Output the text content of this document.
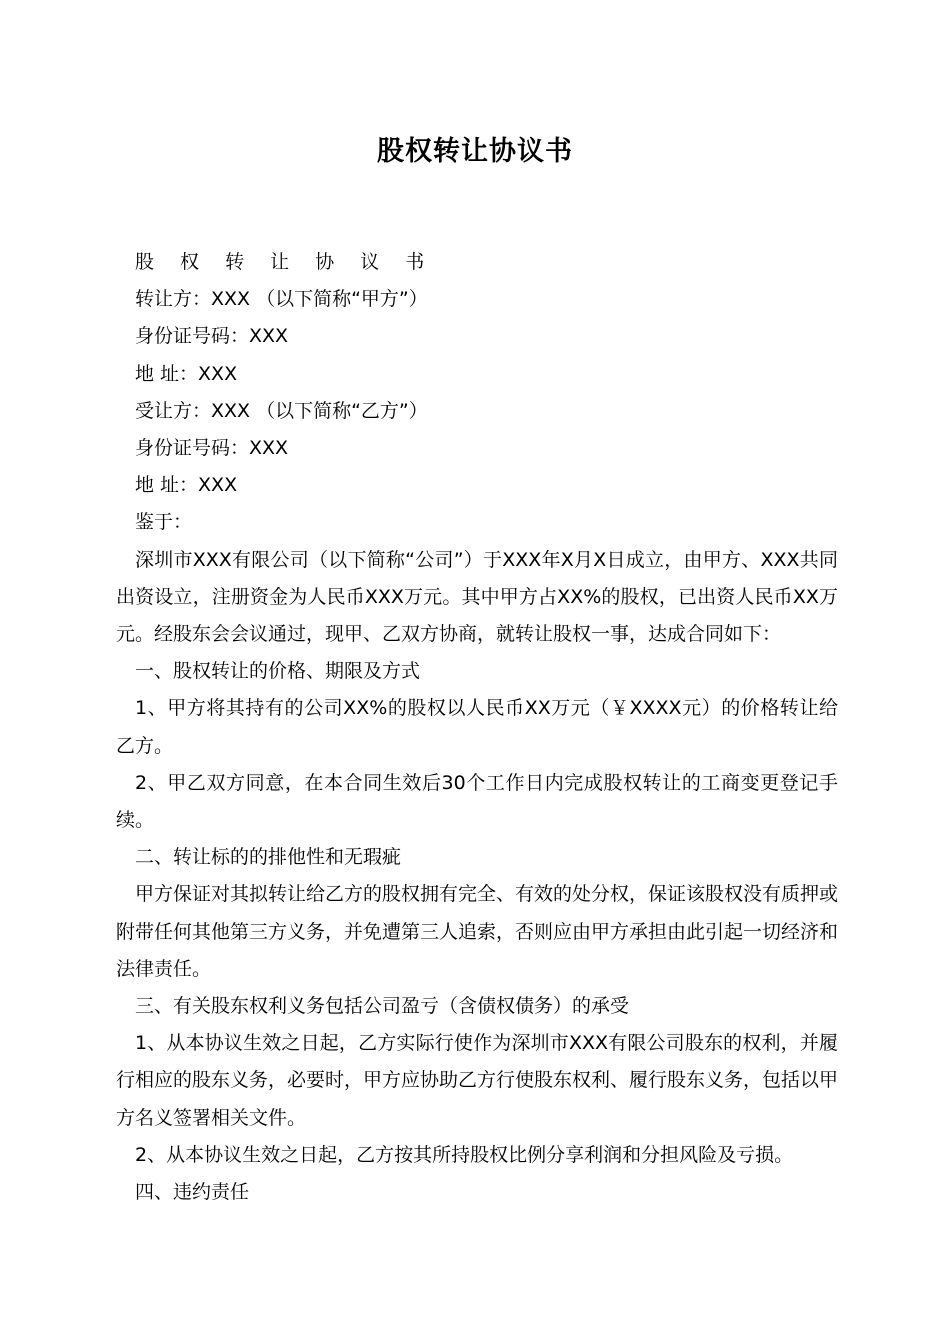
股权转让协议书

股 权 转 让 协 议 书

转让方：XXX （以下简称“甲方”）

身份证号码：XXX

地 址：XXX

受让方：XXX （以下简称“乙方”）

身份证号码：XXX

地 址：XXX

鉴于：

深圳市XXX有限公司（以下简称“公司”）于XXX年X月X日成立，由甲方、XXX共同出资设立，注册资金为人民币XXX万元。其中甲方占XX%的股权，已出资人民币XX万元。经股东会会议通过，现甲、乙双方协商，就转让股权一事，达成合同如下：

一、股权转让的价格、期限及方式

1、甲方将其持有的公司XX%的股权以人民币XX万元（￥XXXX元）的价格转让给乙方。

2、甲乙双方同意，在本合同生效后30个工作日内完成股权转让的工商变更登记手续。

二、转让标的的排他性和无瑕疵

甲方保证对其拟转让给乙方的股权拥有完全、有效的处分权，保证该股权没有质押或附带任何其他第三方义务，并免遭第三人追索，否则应由甲方承担由此引起一切经济和法律责任。

三、有关股东权利义务包括公司盈亏（含债权债务）的承受

1、从本协议生效之日起，乙方实际行使作为深圳市XXX有限公司股东的权利，并履行相应的股东义务，必要时，甲方应协助乙方行使股东权利、履行股东义务，包括以甲方名义签署相关文件。

2、从本协议生效之日起，乙方按其所持股权比例分享利润和分担风险及亏损。

四、违约责任
